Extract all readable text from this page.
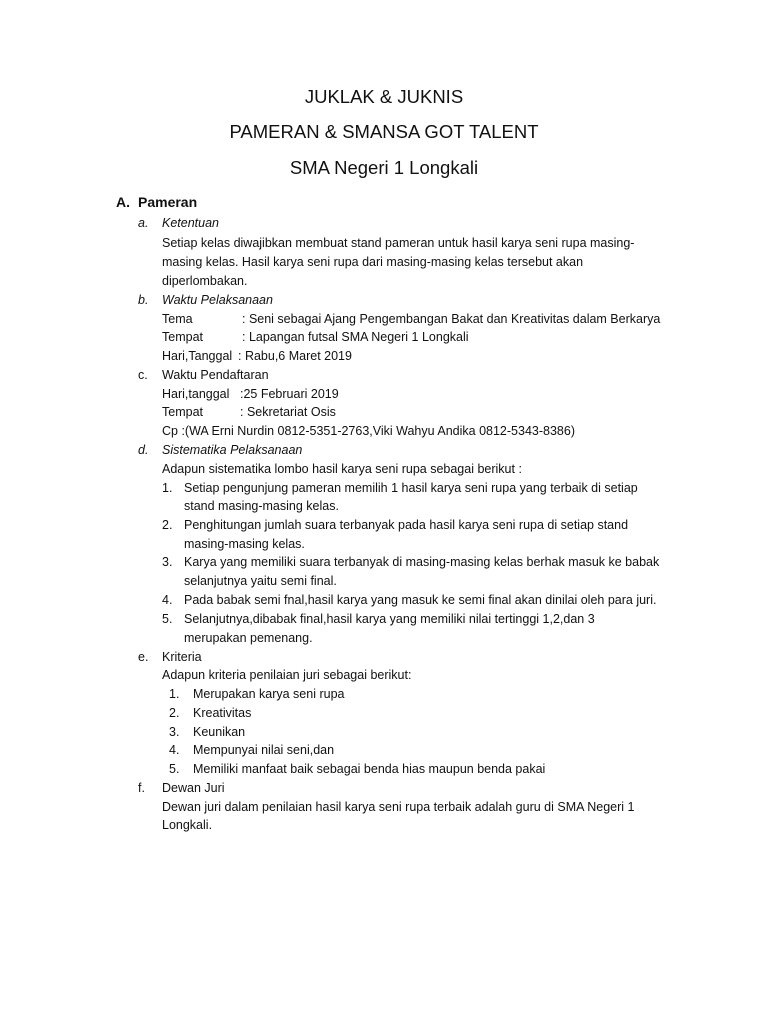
JUKLAK & JUKNIS
PAMERAN & SMANSA GOT TALENT
SMA Negeri 1 Longkali
A. Pameran
a. Ketentuan
Setiap kelas diwajibkan membuat stand pameran untuk hasil karya seni rupa masing-
masing kelas. Hasil karya seni rupa dari masing-masing kelas tersebut akan
diperlombakan.
b. Waktu Pelaksanaan
Tema	: Seni sebagai Ajang Pengembangan Bakat dan Kreativitas dalam Berkarya
Tempat	: Lapangan futsal SMA Negeri 1 Longkali
Hari,Tanggal : Rabu,6 Maret 2019
c. Waktu Pendaftaran
Hari,tanggal :25 Februari 2019
Tempat	: Sekretariat Osis
Cp :(WA Erni Nurdin 0812-5351-2763,Viki Wahyu Andika 0812-5343-8386)
d. Sistematika Pelaksanaan
Adapun sistematika lombo hasil karya seni rupa sebagai berikut :
1. Setiap pengunjung pameran memilih 1 hasil karya seni rupa yang terbaik di setiap
stand masing-masing kelas.
2. Penghitungan jumlah suara terbanyak pada hasil karya seni rupa di setiap stand
masing-masing kelas.
3. Karya yang memiliki suara terbanyak di masing-masing kelas berhak masuk ke babak
selanjutnya yaitu semi final.
4. Pada babak semi fnal,hasil karya yang masuk ke semi final akan dinilai oleh para juri.
5. Selanjutnya,dibabak final,hasil karya yang memiliki nilai tertinggi 1,2,dan 3
merupakan pemenang.
e. Kriteria
Adapun kriteria penilaian juri sebagai berikut:
1. Merupakan karya seni rupa
2. Kreativitas
3. Keunikan
4. Mempunyai nilai seni,dan
5. Memiliki manfaat baik sebagai benda hias maupun benda pakai
f. Dewan Juri
Dewan juri dalam penilaian hasil karya seni rupa terbaik adalah guru di SMA Negeri 1
Longkali.
